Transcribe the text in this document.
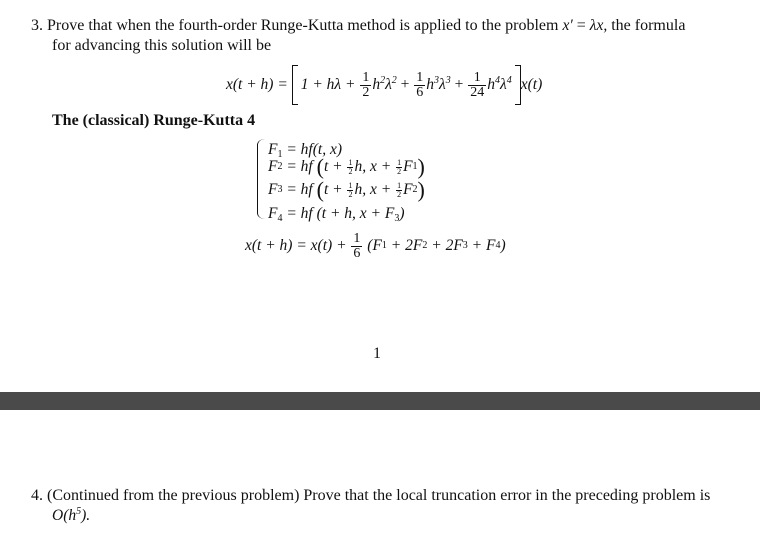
3. Prove that when the fourth-order Runge-Kutta method is applied to the problem x′ = λx, the formula
for advancing this solution will be
x(t + h) =
1 + hλ +
$\frac{1}{2} h^2\lambda^2$
+
$\frac{1}{6} h^3\lambda^3$
+
$\frac{1}{24} h^4\lambda^4$ x(t)
The (classical) Runge-Kutta 4
$F_1 = hf(t$, x)
F 2
= hf
( t +
$\frac{1}{2} h$, x +
$\frac{1}{2}$ F 1 )
F 3
= hf
( t +
$\frac{1}{2} h$, x +
$\frac{1}{2}$ F 2 )
$F_4$ = hf (t + h, $x + F_3$)
x(t + h) = x(t) +
$\frac{1}{6}$
(F 1
+ 2F 2
+ 2F 3
+ F 4 )
1
4. (Continued from the previous problem) Prove that the local truncation error in the preceding problem is
$O(h^5)$.
